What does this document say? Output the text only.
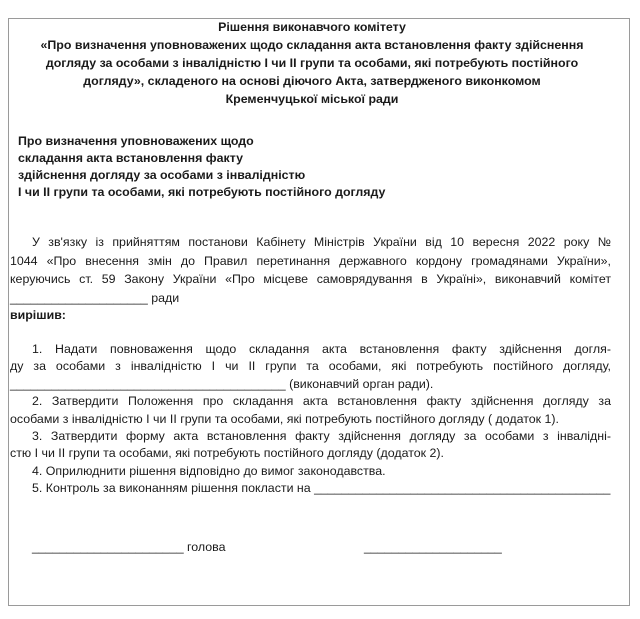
Рішення виконавчого комітету
«Про визначення уповноважених щодо складання акта встановлення факту здійснення
догляду за особами з інвалідністю І чи ІІ групи та особами, які потребують постійного
догляду», складеного на основі діючого Акта, затвердженого виконкомом
Кременчуцької міської ради
Про визначення уповноважених щодо
складання акта встановлення факту
здійснення догляду за особами з інвалідністю
І чи ІІ групи та особами, які потребують постійного догляду
У зв'язку із прийняттям постанови Кабінету Міністрів України від 10 вересня 2022 року №
1044 «Про внесення змін до Правил перетинання державного кордону громадянами України»,
керуючись ст. 59 Закону України «Про місцеве самоврядування в Україні», виконавчий комітет
____________________ ради
вирішив:

1. Надати повноваження щодо складання акта встановлення факту здійснення догля-
ду за особами з інвалідністю І чи ІІ групи та особами, які потребують постійного догляду,
________________________________________ (виконавчий орган ради).

2. Затвердити Положення про складання акта встановлення факту здійснення догляду за
особами з інвалідністю І чи ІІ групи та особами, які потребують постійного догляду ( додаток 1).

3. Затвердити форму акта встановлення факту здійснення догляду за особами з інвалідні-
стю І чи ІІ групи та особами, які потребують постійного догляду (додаток 2).

4. Оприлюднити рішення відповідно до вимог законодавства.

5. Контроль за виконанням рішення покласти на ___________________________________________

______________________ голова	____________________
